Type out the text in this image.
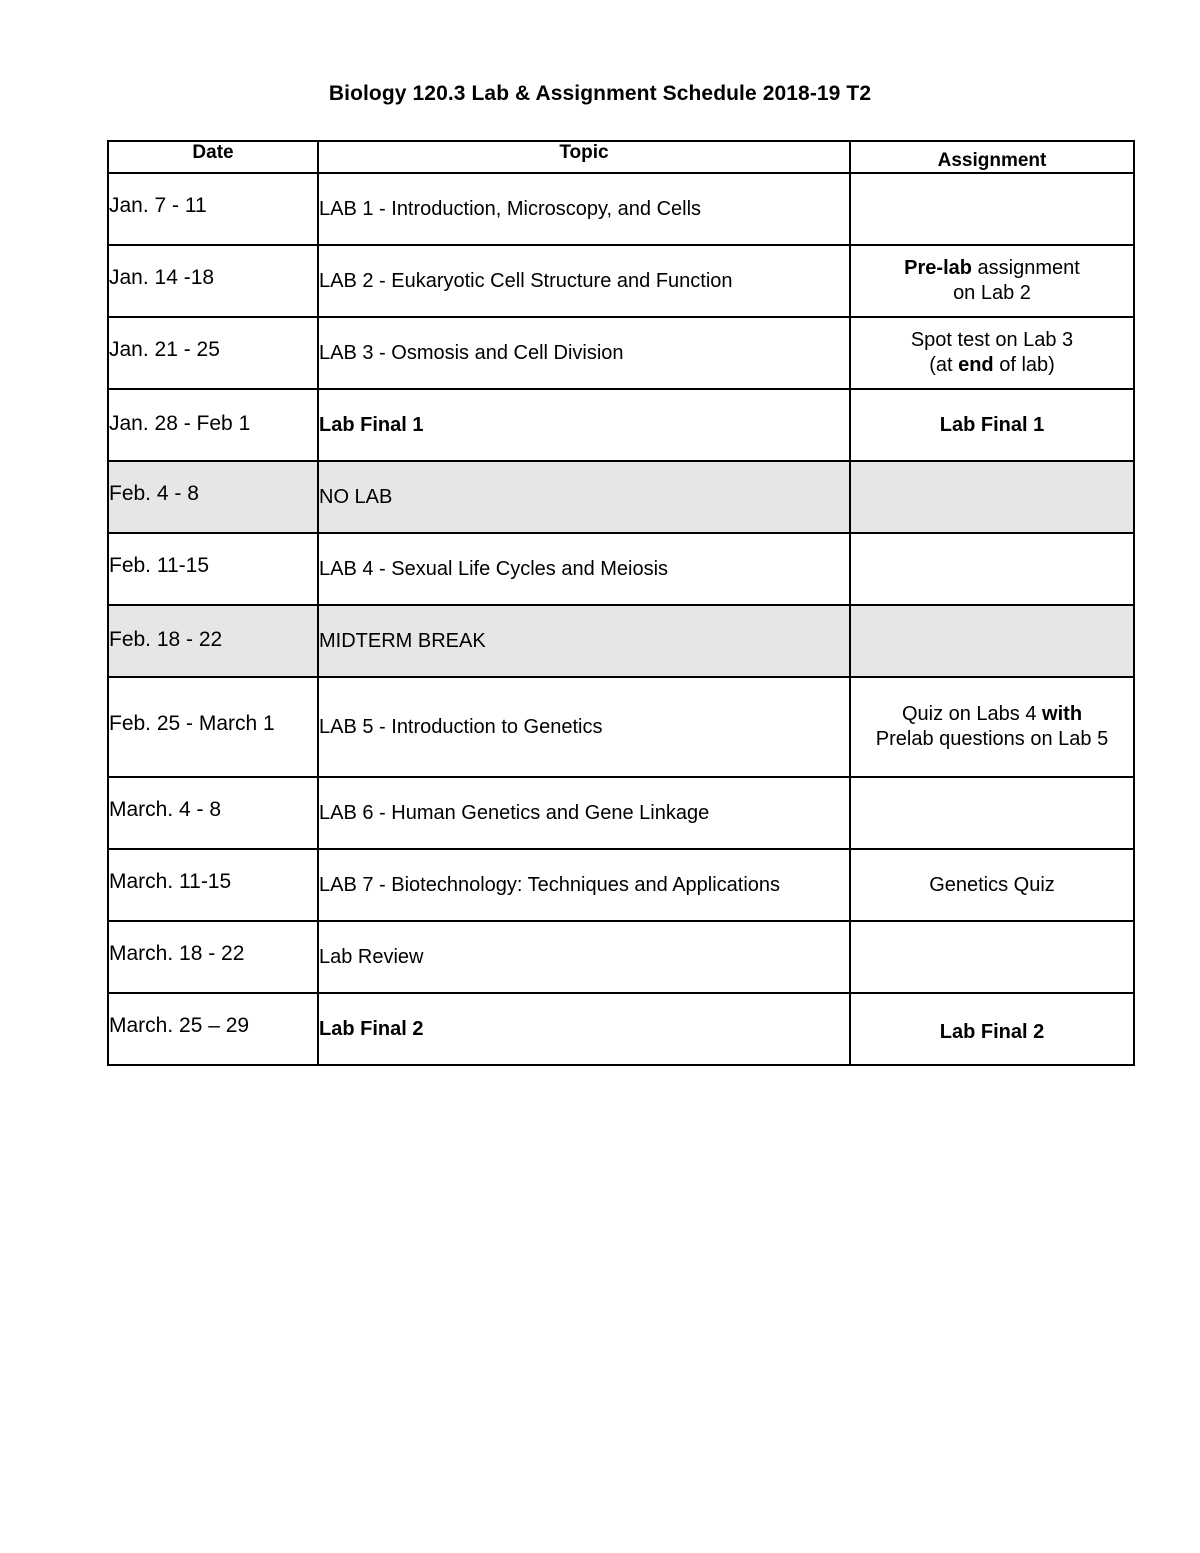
Biology 120.3 Lab & Assignment Schedule 2018-19 T2
Date	Topic	Assignment
Jan. 7 - 11	LAB 1 - Introduction, Microscopy, and Cells	
Jan. 14 -18	LAB 2 - Eukaryotic Cell Structure and Function	Pre-lab assignment
on Lab 2
Jan. 21 - 25	LAB 3 - Osmosis and Cell Division	Spot test on Lab 3
(at end of lab)
Jan. 28 - Feb 1	Lab Final 1	Lab Final 1
Feb. 4 - 8	NO LAB	
Feb. 11-15	LAB 4 - Sexual Life Cycles and Meiosis	
Feb. 18 - 22	MIDTERM BREAK	
Feb. 25 - March 1	LAB 5 - Introduction to Genetics	Quiz on Labs 4 with
Prelab questions on Lab 5
March. 4 - 8	LAB 6 - Human Genetics and Gene Linkage	
March. 11-15	LAB 7 - Biotechnology: Techniques and Applications	Genetics Quiz
March. 18 - 22	Lab Review	
March. 25 – 29	Lab Final 2	Lab Final 2
